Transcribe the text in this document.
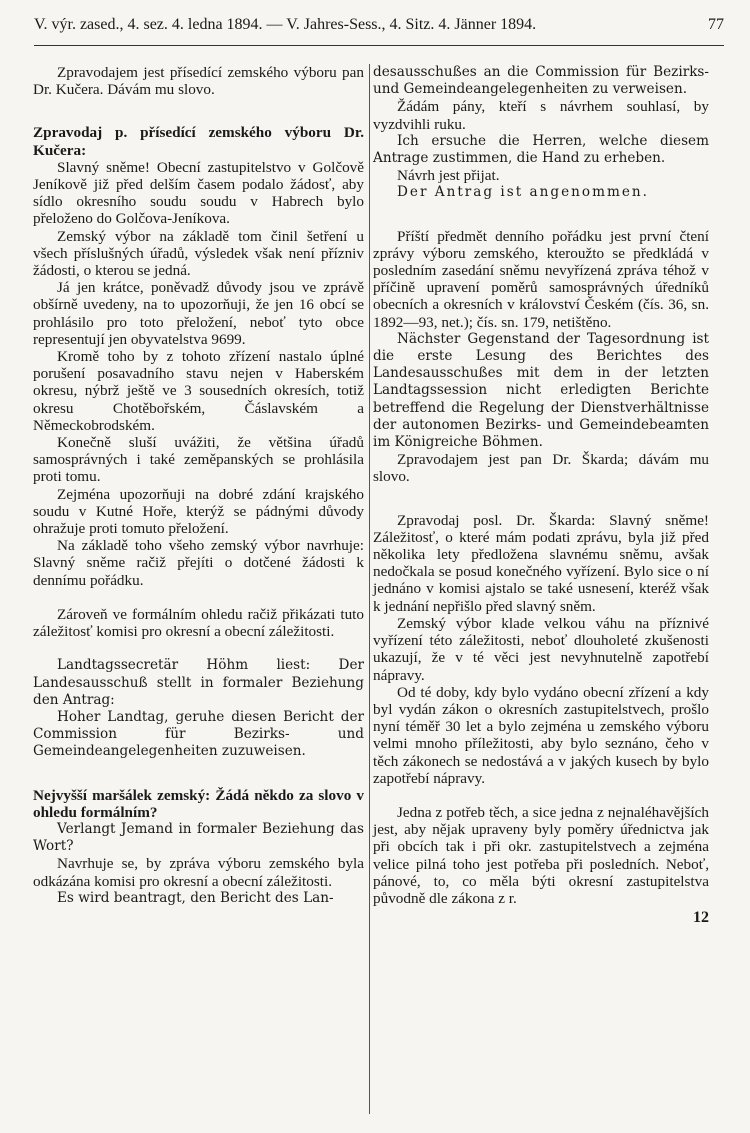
V. výr. zased., 4. sez. 4. ledna 1894. — V. Jahres-Sess., 4. Sitz. 4. Jänner 1894.	77

Zpravodajem jest přísedící zemského výboru pan Dr. Kučera. Dávám mu slovo.

Zpravodaj p. přísedící zemského výboru Dr. Kučera:

Slavný sněme! Obecní zastupitelstvo v Golčově Jeníkově již před delším časem podalo žádosť, aby sídlo okresního soudu soudu v Habrech bylo přeloženo do Golčova-Jeníkova.

Zemský výbor na základě tom činil šetření u všech příslušných úřadů, výsledek však není přízniv žádosti, o kterou se jedná.

Já jen krátce, poněvadž důvody jsou ve zprávě obšírně uvedeny, na to upozorňuji, že jen 16 obcí se prohlásilo pro toto přeložení, neboť tyto obce representují jen obyvatelstva 9699.

Kromě toho by z tohoto zřízení nastalo úplné porušení posavadního stavu nejen v Haberském okresu, nýbrž ještě ve 3 sousedních okresích, totiž okresu Chotěbořském, Čáslavském a Německobrodském.

Konečně sluší uvážiti, že většina úřadů samosprávných i také zeměpanských se prohlásila proti tomu.

Zejména upozorňuji na dobré zdání krajského soudu v Kutné Hoře, kterýž se pádnými důvody ohražuje proti tomuto přeložení.

Na základě toho všeho zemský výbor navrhuje: Slavný sněme račiž přejíti o dotčené žádosti k dennímu pořádku.

Zároveň ve formálním ohledu račiž přikázati tuto záležitosť komisi pro okresní a obecní záležitosti.

Landtagssecretär Höhm liest: Der Landesausschuß stellt in formaler Beziehung den Antrag:

Hoher Landtag, geruhe diesen Bericht der Commission für Bezirks- und Gemeindeangelegenheiten zuzuweisen.

Nejvyšší maršálek zemský: Žádá někdo za slovo v ohledu formálním?

Verlangt Jemand in formaler Beziehung das Wort?

Navrhuje se, by zpráva výboru zemského byla odkázána komisi pro okresní a obecní záležitosti.

Es wird beantragt, den Bericht des Lan-

desausschußes an die Commission für Bezirks- und Gemeindeangelegenheiten zu verweisen.

Žádám pány, kteří s návrhem souhlasí, by vyzdvihli ruku.

Ich ersuche die Herren, welche diesem Antrage zustimmen, die Hand zu erheben.

Návrh jest přijat.

Der Antrag ist angenommen.

Příští předmět denního pořádku jest první čtení zprávy výboru zemského, kteroužto se předkládá v posledním zasedání sněmu nevyřízená zpráva téhož v příčině upravení poměrů samosprávných úředníků obecních a okresních v království Českém (čís. 36, sn. 1892—93, net.); čís. sn. 179, netištěno.

Nächster Gegenstand der Tagesordnung ist die erste Lesung des Berichtes des Landesausschußes mit dem in der letzten Landtagssession nicht erledigten Berichte betreffend die Regelung der Dienstverhältnisse der autonomen Bezirks- und Gemeindebeamten im Königreiche Böhmen.

Zpravodajem jest pan Dr. Škarda; dávám mu slovo.

Zpravodaj posl. Dr. Škarda: Slavný sněme! Záležitosť, o které mám podati zprávu, byla již před několika lety předložena slavnému sněmu, avšak nedočkala se posud konečného vyřízení. Bylo sice o ní jednáno v komisi ajstalo se také usnesení, kteréž však k jednání nepřišlo před slavný sněm.

Zemský výbor klade velkou váhu na příznivé vyřízení této záležitosti, neboť dlouholeté zkušenosti ukazují, že v té věci jest nevyhnutelně zapotřebí nápravy.

Od té doby, kdy bylo vydáno obecní zřízení a kdy byl vydán zákon o okresních zastupitelstvech, prošlo nyní téměř 30 let a bylo zejména u zemského výboru velmi mnoho příležitosti, aby bylo seznáno, čeho v těch zákonech se nedostává a v jakých kusech by bylo zapotřebí nápravy.

Jedna z potřeb těch, a sice jedna z nejnaléhavějších jest, aby nějak upraveny byly poměry úřednictva jak při obcích tak i při okr. zastupitelstvech a zejména velice pilná toho jest potřeba při posledních. Neboť, pánové, to, co měla býti okresní zastupitelstva původně dle zákona z r.

12
